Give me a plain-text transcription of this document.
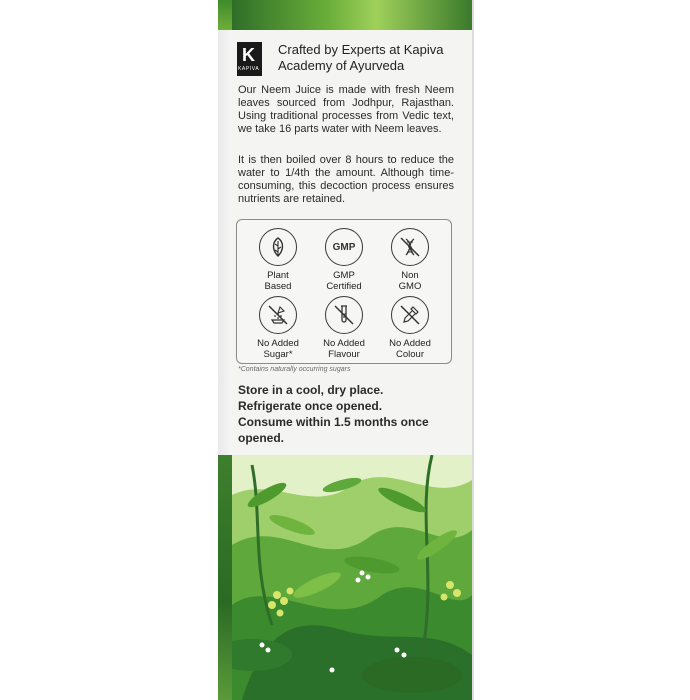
K
KAPIVA
Crafted by Experts at Kapiva
Academy of Ayurveda
Our Neem Juice is made with fresh Neem leaves sourced from Jodhpur, Rajasthan. Using traditional processes from Vedic text, we take 16 parts water with Neem leaves.
It is then boiled over 8 hours to reduce the water to 1/4th the amount. Although time-consuming, this decoction process ensures nutrients are retained.
Plant
Based
GMP
GMP
Certified
Non
GMO
No Added
Sugar*
No Added
Flavour
No Added
Colour
*Contains naturally occurring sugars
Store in a cool, dry place.
Refrigerate once opened.
Consume within 1.5 months once opened.
